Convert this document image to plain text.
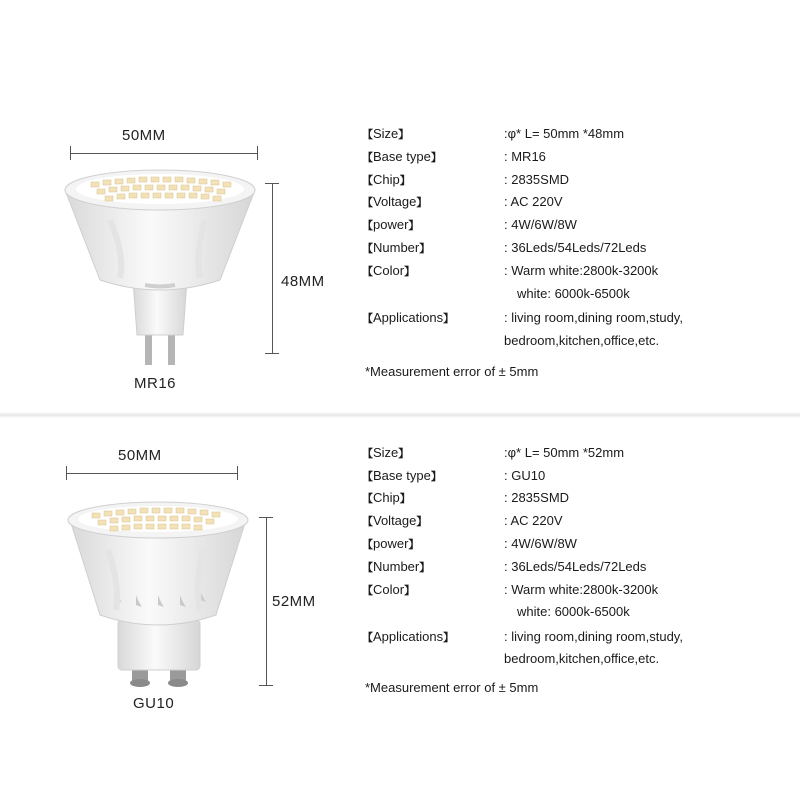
50MM
48MM
MR16
【Size】	:φ* L= 50mm *48mm
【Base type】	: MR16
【Chip】	: 2835SMD
【Voltage】	: AC 220V
【power】	: 4W/6W/8W
【Number】	: 36Leds/54Leds/72Leds
【Color】	: Warm white:2800k-3200k
white: 6000k-6500k
【Applications】	: living room,dining room,study,
bedroom,kitchen,office,etc.
*Measurement error of ± 5mm
50MM
52MM
GU10
【Size】	:φ* L= 50mm *52mm
【Base type】	: GU10
【Chip】	: 2835SMD
【Voltage】	: AC 220V
【power】	: 4W/6W/8W
【Number】	: 36Leds/54Leds/72Leds
【Color】	: Warm white:2800k-3200k
white: 6000k-6500k
【Applications】	: living room,dining room,study,
bedroom,kitchen,office,etc.
*Measurement error of ± 5mm
